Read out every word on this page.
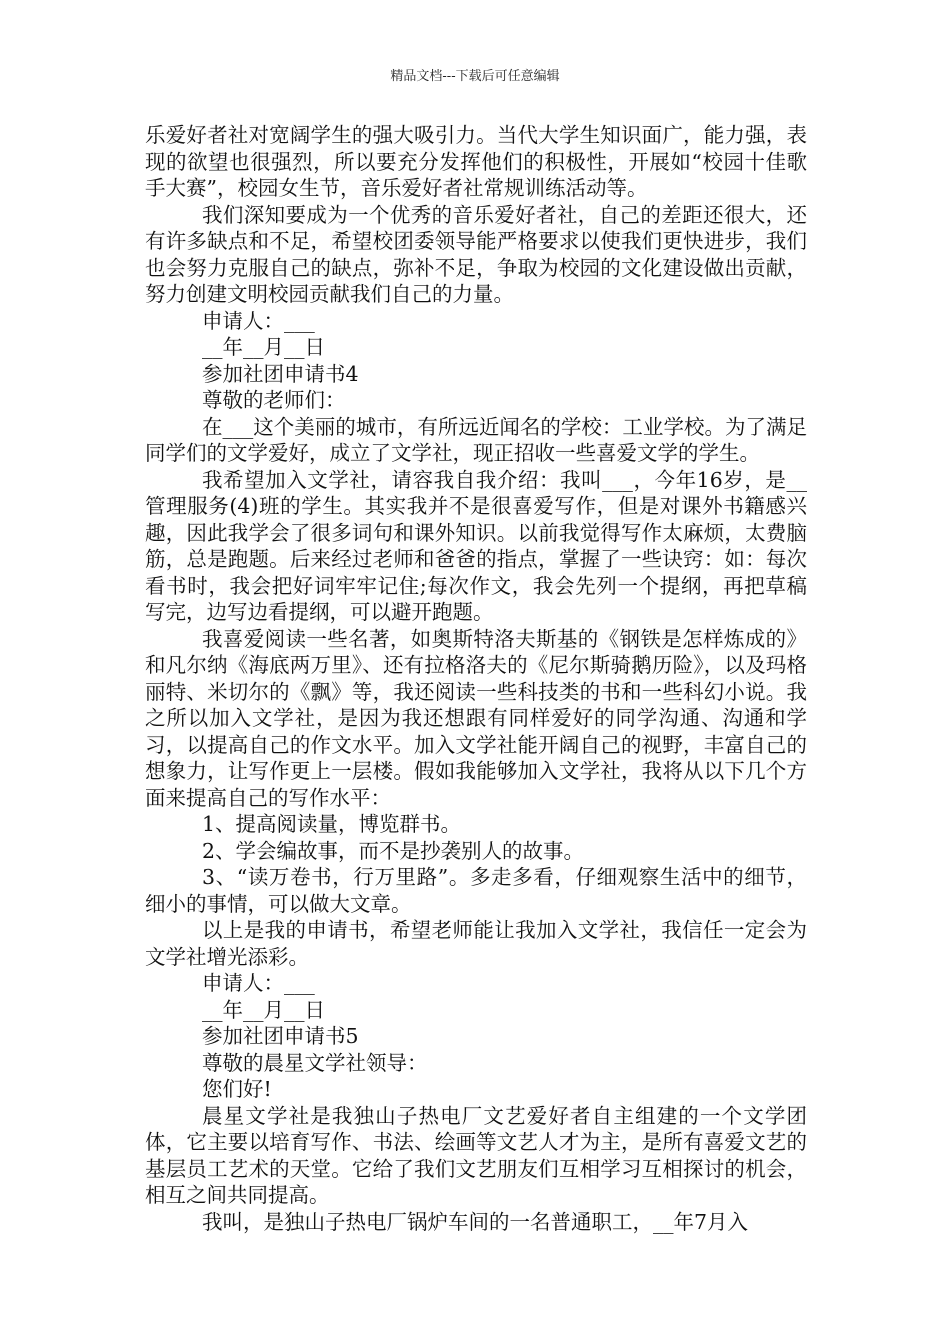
精品文档---下载后可任意编辑

乐爱好者社对宽阔学生的强大吸引力。当代大学生知识面广，能力强，表现的欲望也很强烈，所以要充分发挥他们的积极性，开展如“校园十佳歌手大赛”，校园女生节，音乐爱好者社常规训练活动等。

我们深知要成为一个优秀的音乐爱好者社，自己的差距还很大，还有许多缺点和不足，希望校团委领导能严格要求以使我们更快进步，我们也会努力克服自己的缺点，弥补不足，争取为校园的文化建设做出贡献，努力创建文明校园贡献我们自己的力量。

申请人：___

__年__月__日

参加社团申请书4

尊敬的老师们：

在___这个美丽的城市，有所远近闻名的学校：工业学校。为了满足同学们的文学爱好，成立了文学社，现正招收一些喜爱文学的学生。

我希望加入文学社，请容我自我介绍：我叫___，今年16岁，是__管理服务(4)班的学生。其实我并不是很喜爱写作，但是对课外书籍感兴趣，因此我学会了很多词句和课外知识。以前我觉得写作太麻烦，太费脑筋，总是跑题。后来经过老师和爸爸的指点，掌握了一些诀窍：如：每次看书时，我会把好词牢牢记住;每次作文，我会先列一个提纲，再把草稿写完，边写边看提纲，可以避开跑题。

我喜爱阅读一些名著，如奥斯特洛夫斯基的《钢铁是怎样炼成的》和凡尔纳《海底两万里》、还有拉格洛夫的《尼尔斯骑鹅历险》，以及玛格丽特、米切尔的《飘》等，我还阅读一些科技类的书和一些科幻小说。我之所以加入文学社，是因为我还想跟有同样爱好的同学沟通、沟通和学习，以提高自己的作文水平。加入文学社能开阔自己的视野，丰富自己的想象力，让写作更上一层楼。假如我能够加入文学社，我将从以下几个方面来提高自己的写作水平：

1、提高阅读量，博览群书。

2、学会编故事，而不是抄袭别人的故事。

3、“读万卷书，行万里路”。多走多看，仔细观察生活中的细节，细小的事情，可以做大文章。

以上是我的申请书，希望老师能让我加入文学社，我信任一定会为文学社增光添彩。

申请人：___

__年__月__日

参加社团申请书5

尊敬的晨星文学社领导：

您们好!

晨星文学社是我独山子热电厂文艺爱好者自主组建的一个文学团体，它主要以培育写作、书法、绘画等文艺人才为主，是所有喜爱文艺的基层员工艺术的天堂。它给了我们文艺朋友们互相学习互相探讨的机会，相互之间共同提高。

我叫，是独山子热电厂锅炉车间的一名普通职工，__年7月入
